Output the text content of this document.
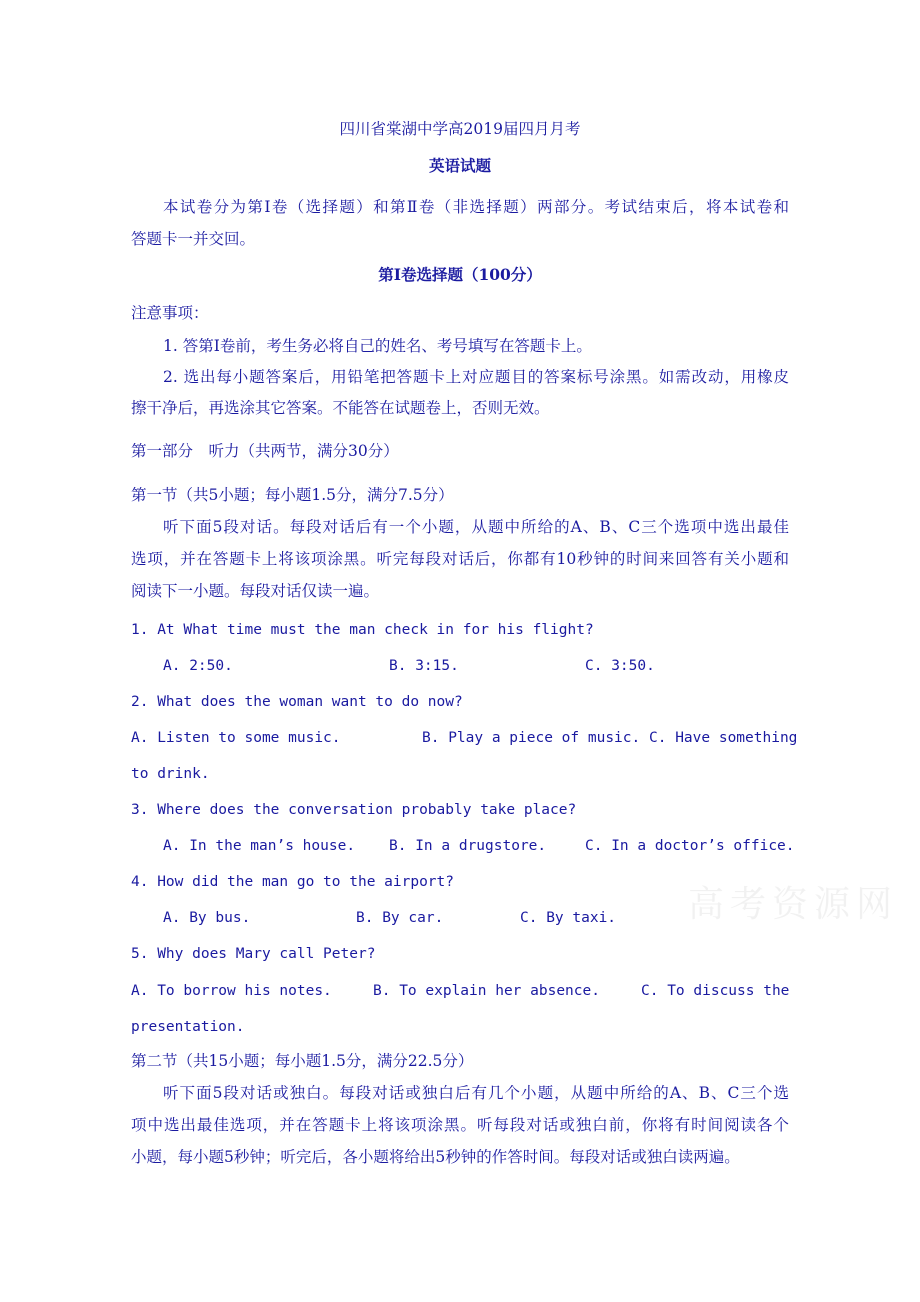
四川省棠湖中学高2019届四月月考
英语试题
本试卷分为第Ⅰ卷（选择题）和第Ⅱ卷（非选择题）两部分。考试结束后，将本试卷和
答题卡一并交回。
第Ⅰ卷选择题（100分）
注意事项：
1. 答第Ⅰ卷前，考生务必将自己的姓名、考号填写在答题卡上。
2. 选出每小题答案后，用铅笔把答题卡上对应题目的答案标号涂黑。如需改动，用橡皮
擦干净后，再选涂其它答案。不能答在试题卷上，否则无效。
第一部分　听力（共两节，满分30分）
第一节（共5小题；每小题1.5分，满分7.5分）
听下面5段对话。每段对话后有一个小题，从题中所给的A、B、C三个选项中选出最佳
选项，并在答题卡上将该项涂黑。听完每段对话后，你都有10秒钟的时间来回答有关小题和
阅读下一小题。每段对话仅读一遍。
1. At What time must the man check in for his flight?
A. 2:50.	B. 3:15.	C. 3:50.
2. What does the woman want to do now?
A. Listen to some music.	B. Play a piece of music. C. Have something
to drink.
3. Where does the conversation probably take place?
A. In the man’s house. B. In a drugstore.	C. In a doctor’s office.
4. How did the man go to the airport?
A. By bus.	B. By car.	C. By taxi.
5. Why does Mary call Peter?
A. To borrow his notes.	B. To explain her absence.	C. To discuss the
presentation.
第二节（共15小题；每小题1.5分，满分22.5分）
听下面5段对话或独白。每段对话或独白后有几个小题，从题中所给的A、B、C三个选
项中选出最佳选项，并在答题卡上将该项涂黑。听每段对话或独白前，你将有时间阅读各个
小题，每小题5秒钟；听完后，各小题将给出5秒钟的作答时间。每段对话或独白读两遍。
高考资源网
